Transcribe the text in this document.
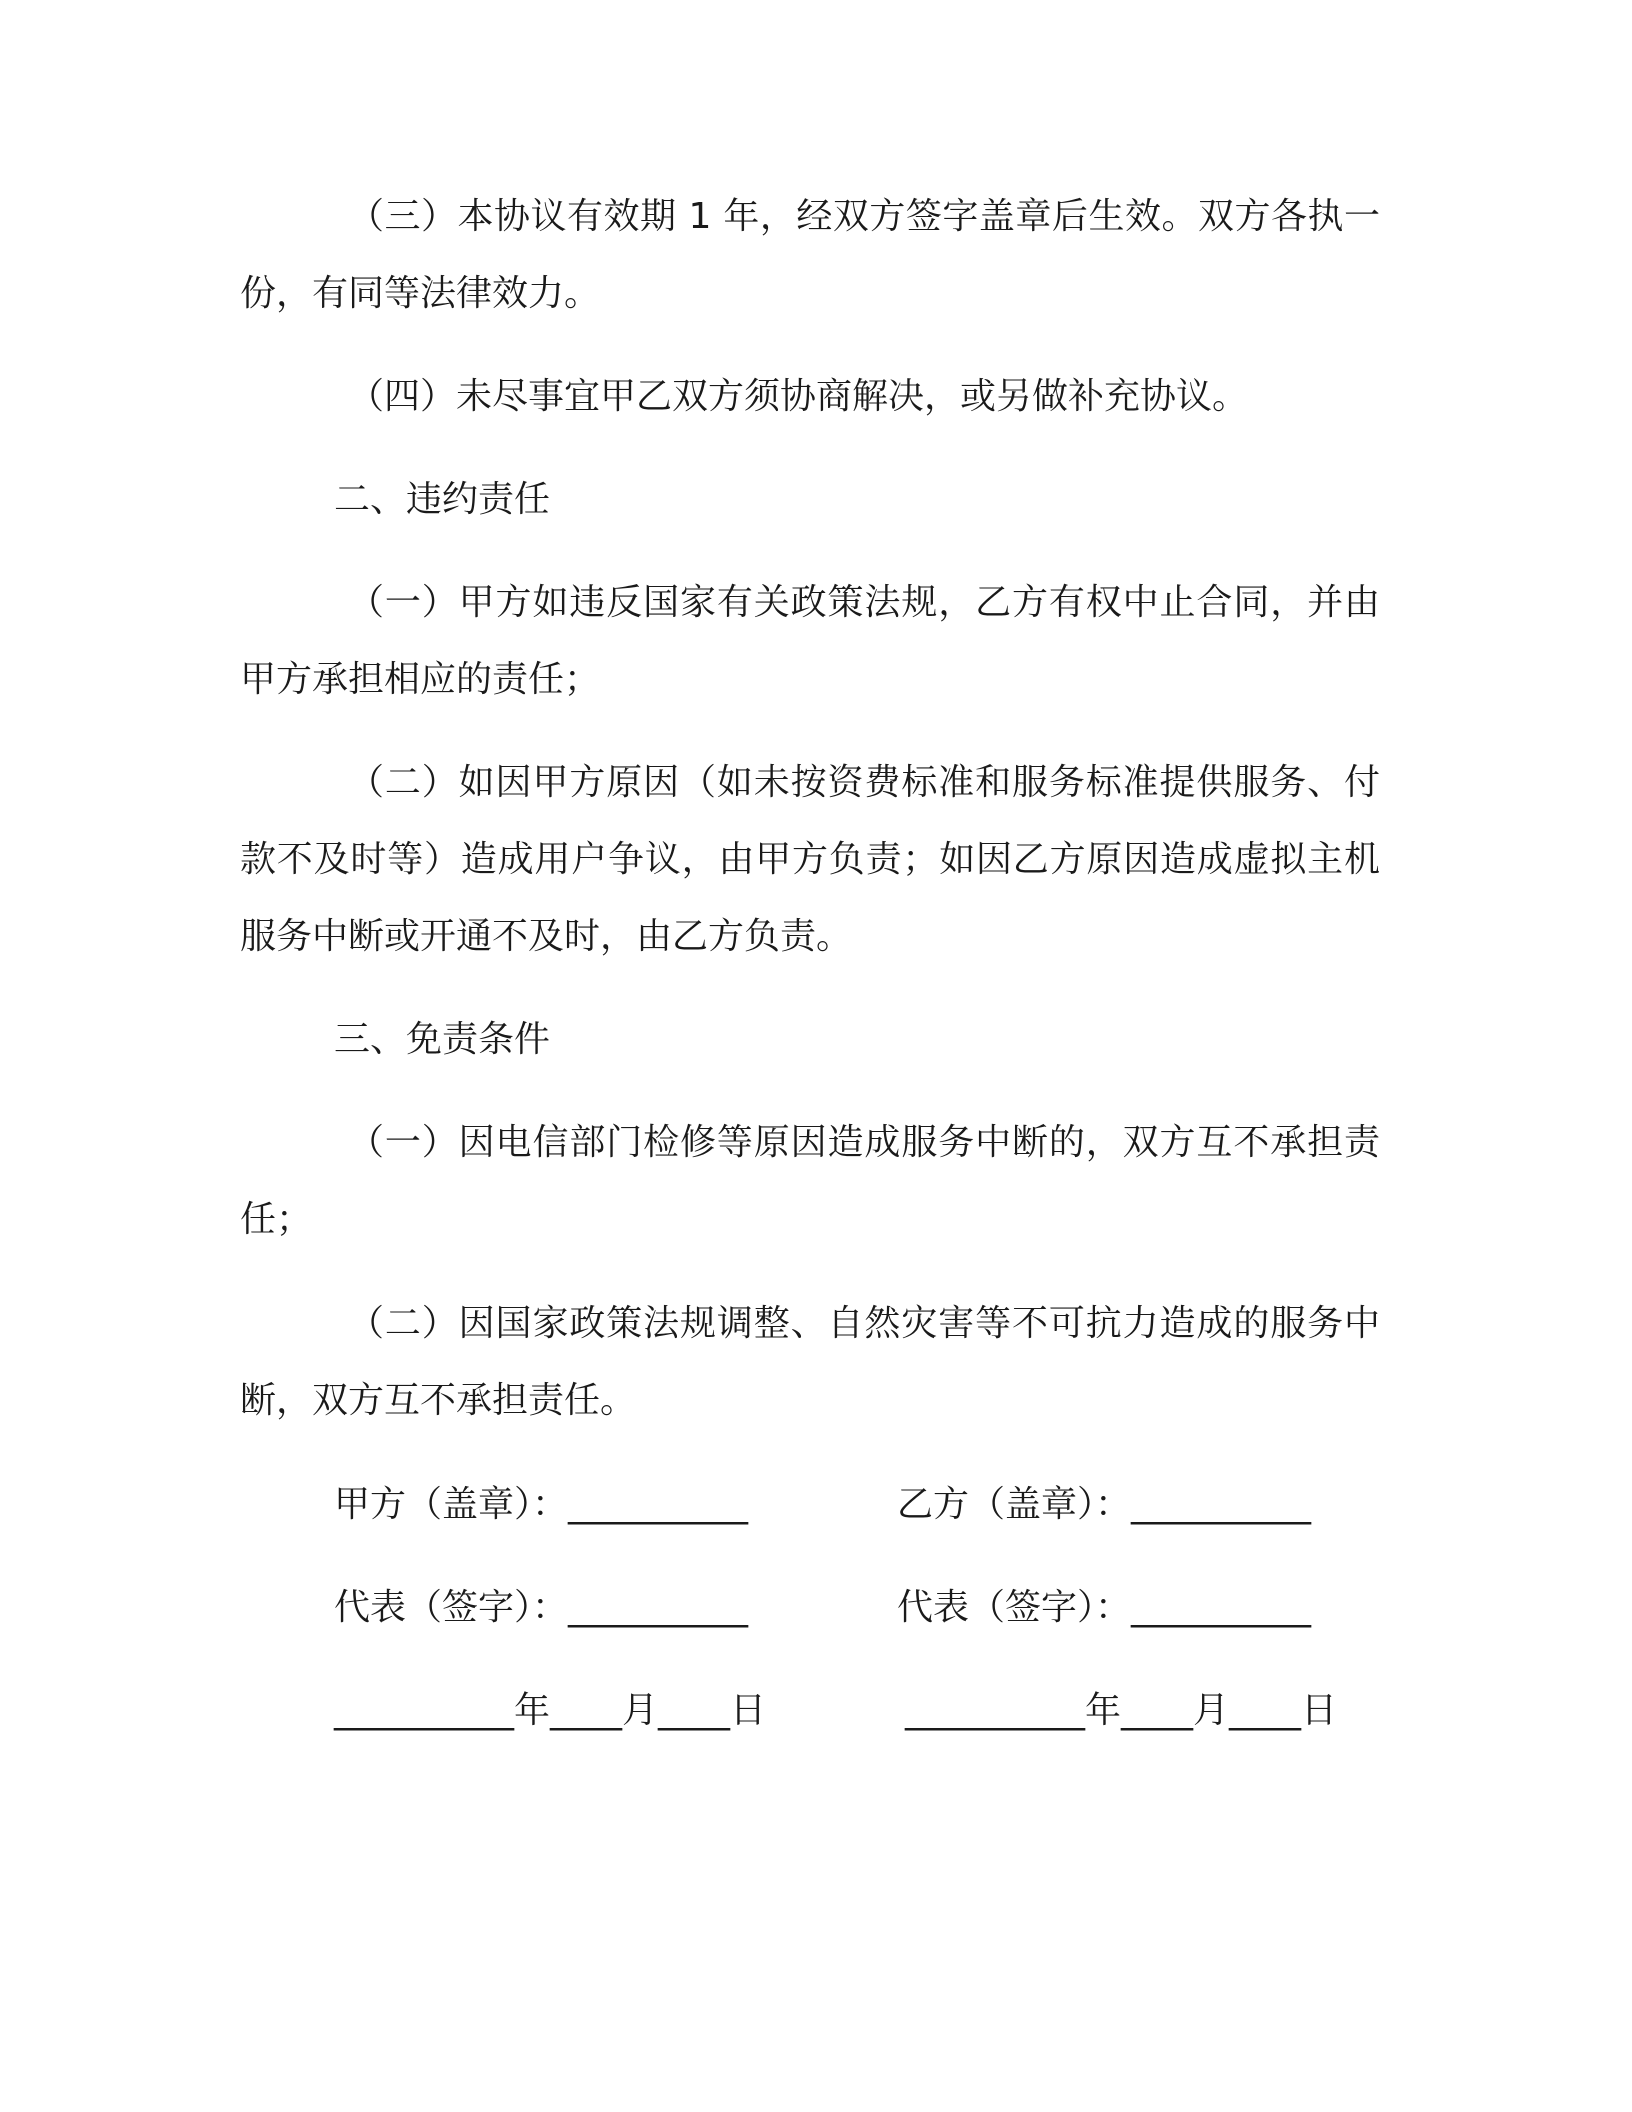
（三）本协议有效期 1 年，经双方签字盖章后生效。双方各执一份，有同等法律效力。
（四）未尽事宜甲乙双方须协商解决，或另做补充协议。
二、违约责任
（一）甲方如违反国家有关政策法规，乙方有权中止合同，并由甲方承担相应的责任；
（二）如因甲方原因（如未按资费标准和服务标准提供服务、付款不及时等）造成用户争议，由甲方负责；如因乙方原因造成虚拟主机服务中断或开通不及时，由乙方负责。
三、免责条件
（一）因电信部门检修等原因造成服务中断的，双方互不承担责任；
（二）因国家政策法规调整、自然灾害等不可抗力造成的服务中断，双方互不承担责任。
甲方（盖章）：__________	乙方（盖章）：__________
代表（签字）：__________	代表（签字）：__________
__________年____月____日	__________年____月____日
